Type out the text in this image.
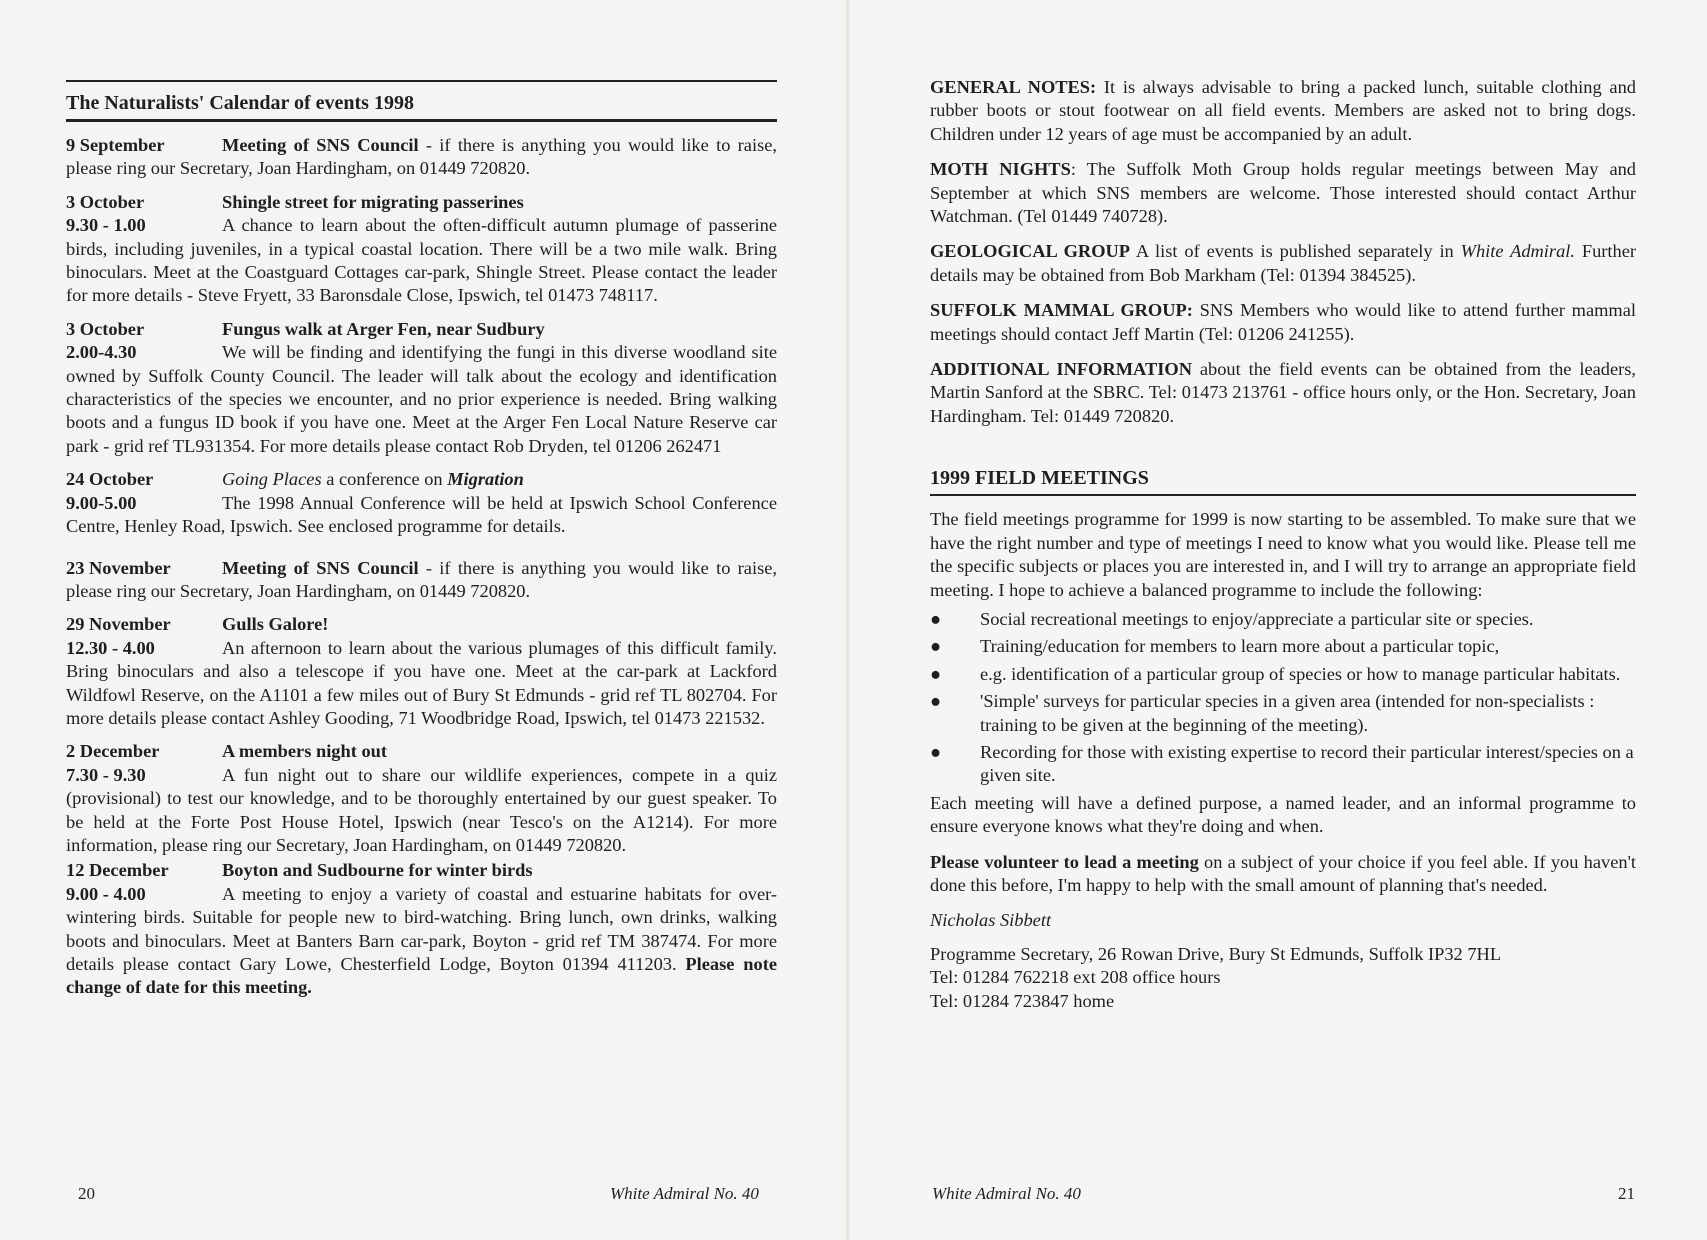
The Naturalists' Calendar of events 1998

9 September	Meeting of SNS Council - if there is anything you would like to raise, please ring our Secretary, Joan Hardingham, on 01449 720820.

3 October	Shingle street for migrating passerines

9.30 - 1.00	A chance to learn about the often-difficult autumn plumage of passerine birds, including juveniles, in a typical coastal location. There will be a two mile walk. Bring binoculars. Meet at the Coastguard Cottages car-park, Shingle Street. Please contact the leader for more details - Steve Fryett, 33 Baronsdale Close, Ipswich, tel 01473 748117.

3 October	Fungus walk at Arger Fen, near Sudbury

2.00-4.30	We will be finding and identifying the fungi in this diverse woodland site owned by Suffolk County Council. The leader will talk about the ecology and identification characteristics of the species we encounter, and no prior experience is needed. Bring walking boots and a fungus ID book if you have one. Meet at the Arger Fen Local Nature Reserve car park - grid ref TL931354. For more details please contact Rob Dryden, tel 01206 262471

24 October	Going Places a conference on Migration

9.00-5.00	The 1998 Annual Conference will be held at Ipswich School Conference Centre, Henley Road, Ipswich. See enclosed programme for details.

23 November	Meeting of SNS Council - if there is anything you would like to raise, please ring our Secretary, Joan Hardingham, on 01449 720820.

29 November	Gulls Galore!

12.30 - 4.00	An afternoon to learn about the various plumages of this difficult family. Bring binoculars and also a telescope if you have one. Meet at the car-park at Lackford Wildfowl Reserve, on the A1101 a few miles out of Bury St Edmunds - grid ref TL 802704. For more details please contact Ashley Gooding, 71 Woodbridge Road, Ipswich, tel 01473 221532.

2 December	A members night out

7.30 - 9.30	A fun night out to share our wildlife experiences, compete in a quiz (provisional) to test our knowledge, and to be thoroughly entertained by our guest speaker. To be held at the Forte Post House Hotel, Ipswich (near Tesco's on the A1214). For more information, please ring our Secretary, Joan Hardingham, on 01449 720820.

12 December	Boyton and Sudbourne for winter birds

9.00 - 4.00	A meeting to enjoy a variety of coastal and estuarine habitats for over-wintering birds. Suitable for people new to bird-watching. Bring lunch, own drinks, walking boots and binoculars. Meet at Banters Barn car-park, Boyton - grid ref TM 387474. For more details please contact Gary Lowe, Chesterfield Lodge, Boyton 01394 411203. Please note change of date for this meeting.

20	White Admiral No. 40

GENERAL NOTES: It is always advisable to bring a packed lunch, suitable clothing and rubber boots or stout footwear on all field events. Members are asked not to bring dogs. Children under 12 years of age must be accompanied by an adult.

MOTH NIGHTS: The Suffolk Moth Group holds regular meetings between May and September at which SNS members are welcome. Those interested should contact Arthur Watchman. (Tel 01449 740728).

GEOLOGICAL GROUP A list of events is published separately in White Admiral. Further details may be obtained from Bob Markham (Tel: 01394 384525).

SUFFOLK MAMMAL GROUP: SNS Members who would like to attend further mammal meetings should contact Jeff Martin (Tel: 01206 241255).

ADDITIONAL INFORMATION about the field events can be obtained from the leaders, Martin Sanford at the SBRC. Tel: 01473 213761 - office hours only, or the Hon. Secretary, Joan Hardingham. Tel: 01449 720820.

1999 FIELD MEETINGS

The field meetings programme for 1999 is now starting to be assembled. To make sure that we have the right number and type of meetings I need to know what you would like. Please tell me the specific subjects or places you are interested in, and I will try to arrange an appropriate field meeting. I hope to achieve a balanced programme to include the following:

● Social recreational meetings to enjoy/appreciate a particular site or species.
● Training/education for members to learn more about a particular topic,
● e.g. identification of a particular group of species or how to manage particular habitats.
● 'Simple' surveys for particular species in a given area (intended for non-specialists : training to be given at the beginning of the meeting).
● Recording for those with existing expertise to record their particular interest/species on a given site.

Each meeting will have a defined purpose, a named leader, and an informal programme to ensure everyone knows what they're doing and when.

Please volunteer to lead a meeting on a subject of your choice if you feel able. If you haven't done this before, I'm happy to help with the small amount of planning that's needed.

Nicholas Sibbett

Programme Secretary, 26 Rowan Drive, Bury St Edmunds, Suffolk IP32 7HL

Tel: 01284 762218 ext 208 office hours

Tel: 01284 723847 home

White Admiral No. 40	21
